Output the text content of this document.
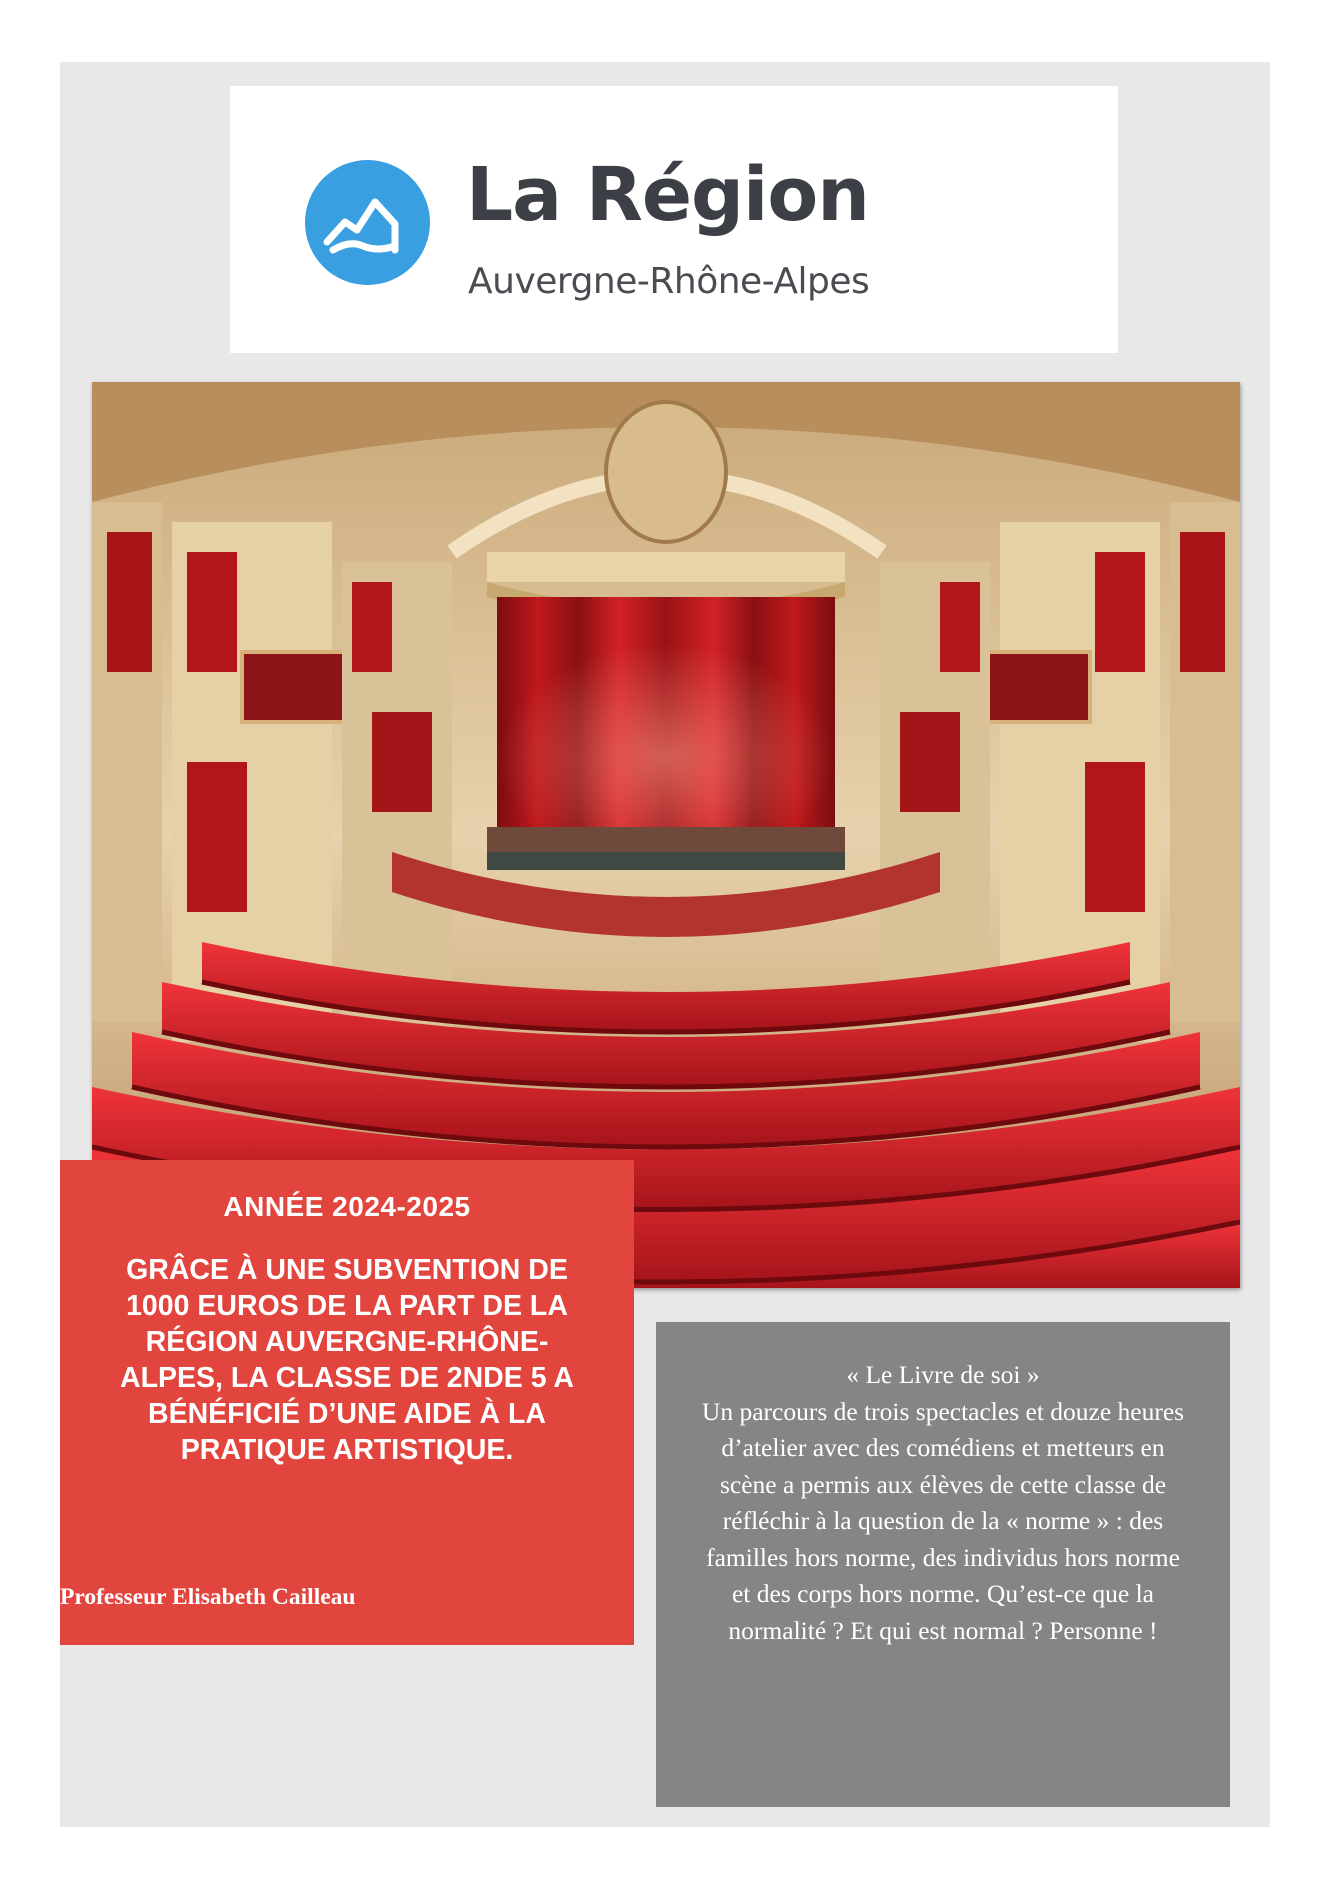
La Région
Auvergne-Rhône-Alpes
ANNÉE 2024-2025
GRÂCE À UNE SUBVENTION DE 1000 EUROS DE LA PART DE LA RÉGION AUVERGNE-RHÔNE-ALPES, LA CLASSE DE 2NDE 5 A BÉNÉFICIÉ D’UNE AIDE À LA PRATIQUE ARTISTIQUE.
Professeur Elisabeth Cailleau

« Le Livre de soi »

Un parcours de trois spectacles et douze heures d’atelier avec des comédiens et metteurs en scène a permis aux élèves de cette classe de réfléchir à la question de la « norme » : des familles hors norme, des individus hors norme et des corps hors norme. Qu’est-ce que la normalité ? Et qui est normal ? Personne !
